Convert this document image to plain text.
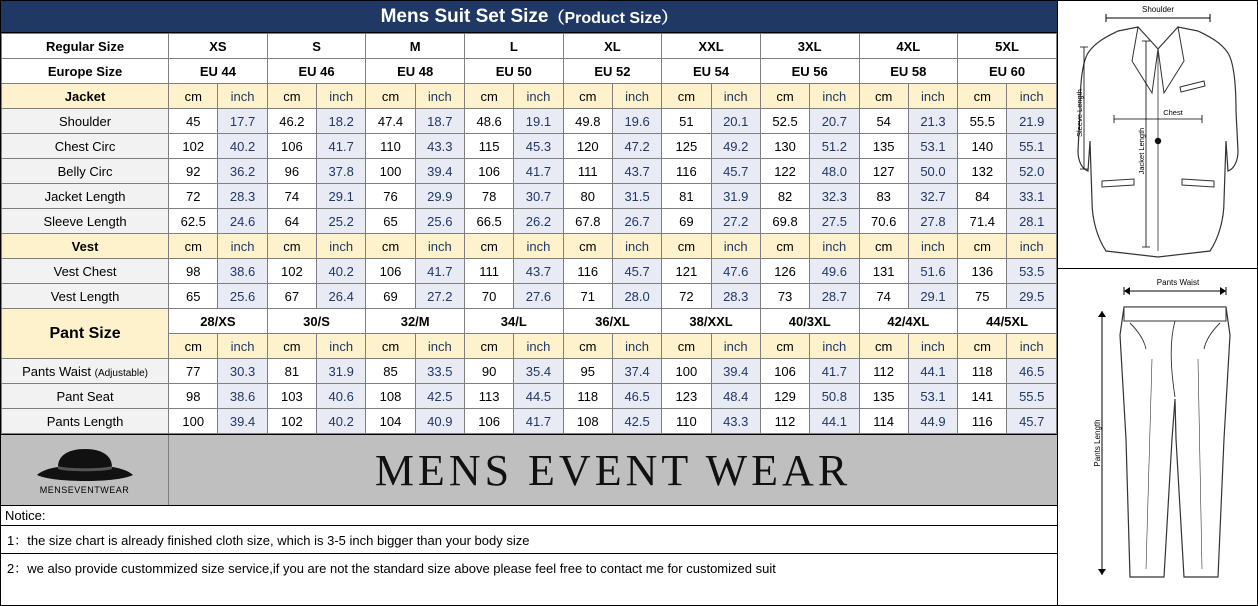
Mens Suit Set Size （Product Size）
Regular Size	XS		S		M		L		XL		XXL		3XL		4XL		5XL	
Europe Size	EU 44		EU 46		EU 48		EU 50		EU 52		EU 54		EU 56		EU 58		EU 60	
Jacket	cm	inch	cm	inch	cm	inch	cm	inch	cm	inch	cm	inch	cm	inch	cm	inch	cm	inch
Shoulder	45	17.7	46.2	18.2	47.4	18.7	48.6	19.1	49.8	19.6	51	20.1	52.5	20.7	54	21.3	55.5	21.9
Chest Circ	102	40.2	106	41.7	110	43.3	115	45.3	120	47.2	125	49.2	130	51.2	135	53.1	140	55.1
Belly Circ	92	36.2	96	37.8	100	39.4	106	41.7	111	43.7	116	45.7	122	48.0	127	50.0	132	52.0
Jacket Length	72	28.3	74	29.1	76	29.9	78	30.7	80	31.5	81	31.9	82	32.3	83	32.7	84	33.1
Sleeve Length	62.5	24.6	64	25.2	65	25.6	66.5	26.2	67.8	26.7	69	27.2	69.8	27.5	70.6	27.8	71.4	28.1
Vest	cm	inch	cm	inch	cm	inch	cm	inch	cm	inch	cm	inch	cm	inch	cm	inch	cm	inch
Vest Chest	98	38.6	102	40.2	106	41.7	111	43.7	116	45.7	121	47.6	126	49.6	131	51.6	136	53.5
Vest Length	65	25.6	67	26.4	69	27.2	70	27.6	71	28.0	72	28.3	73	28.7	74	29.1	75	29.5
Pant Size	28/XS		30/S		32/M		34/L		36/XL		38/XXL		40/3XL		42/4XL		44/5XL	
	cm	inch	cm	inch	cm	inch	cm	inch	cm	inch	cm	inch	cm	inch	cm	inch	cm	inch
Pants Waist (Adjustable)	77	30.3	81	31.9	85	33.5	90	35.4	95	37.4	100	39.4	106	41.7	112	44.1	118	46.5
Pant Seat	98	38.6	103	40.6	108	42.5	113	44.5	118	46.5	123	48.4	129	50.8	135	53.1	141	55.5
Pants Length	100	39.4	102	40.2	104	40.9	106	41.7	108	42.5	110	43.3	112	44.1	114	44.9	116	45.7
MENSEVENTWEAR	MENS EVENT WEAR
Notice:
1：the size chart is already finished cloth size, which is 3-5 inch bigger than your body size
2：we also provide custommized size service,if you are not the standard size above please feel free to contact me for customized suit
Shoulder
Chest
Jacket Length
Sleeve Length
Pants Waist
Pants Length
